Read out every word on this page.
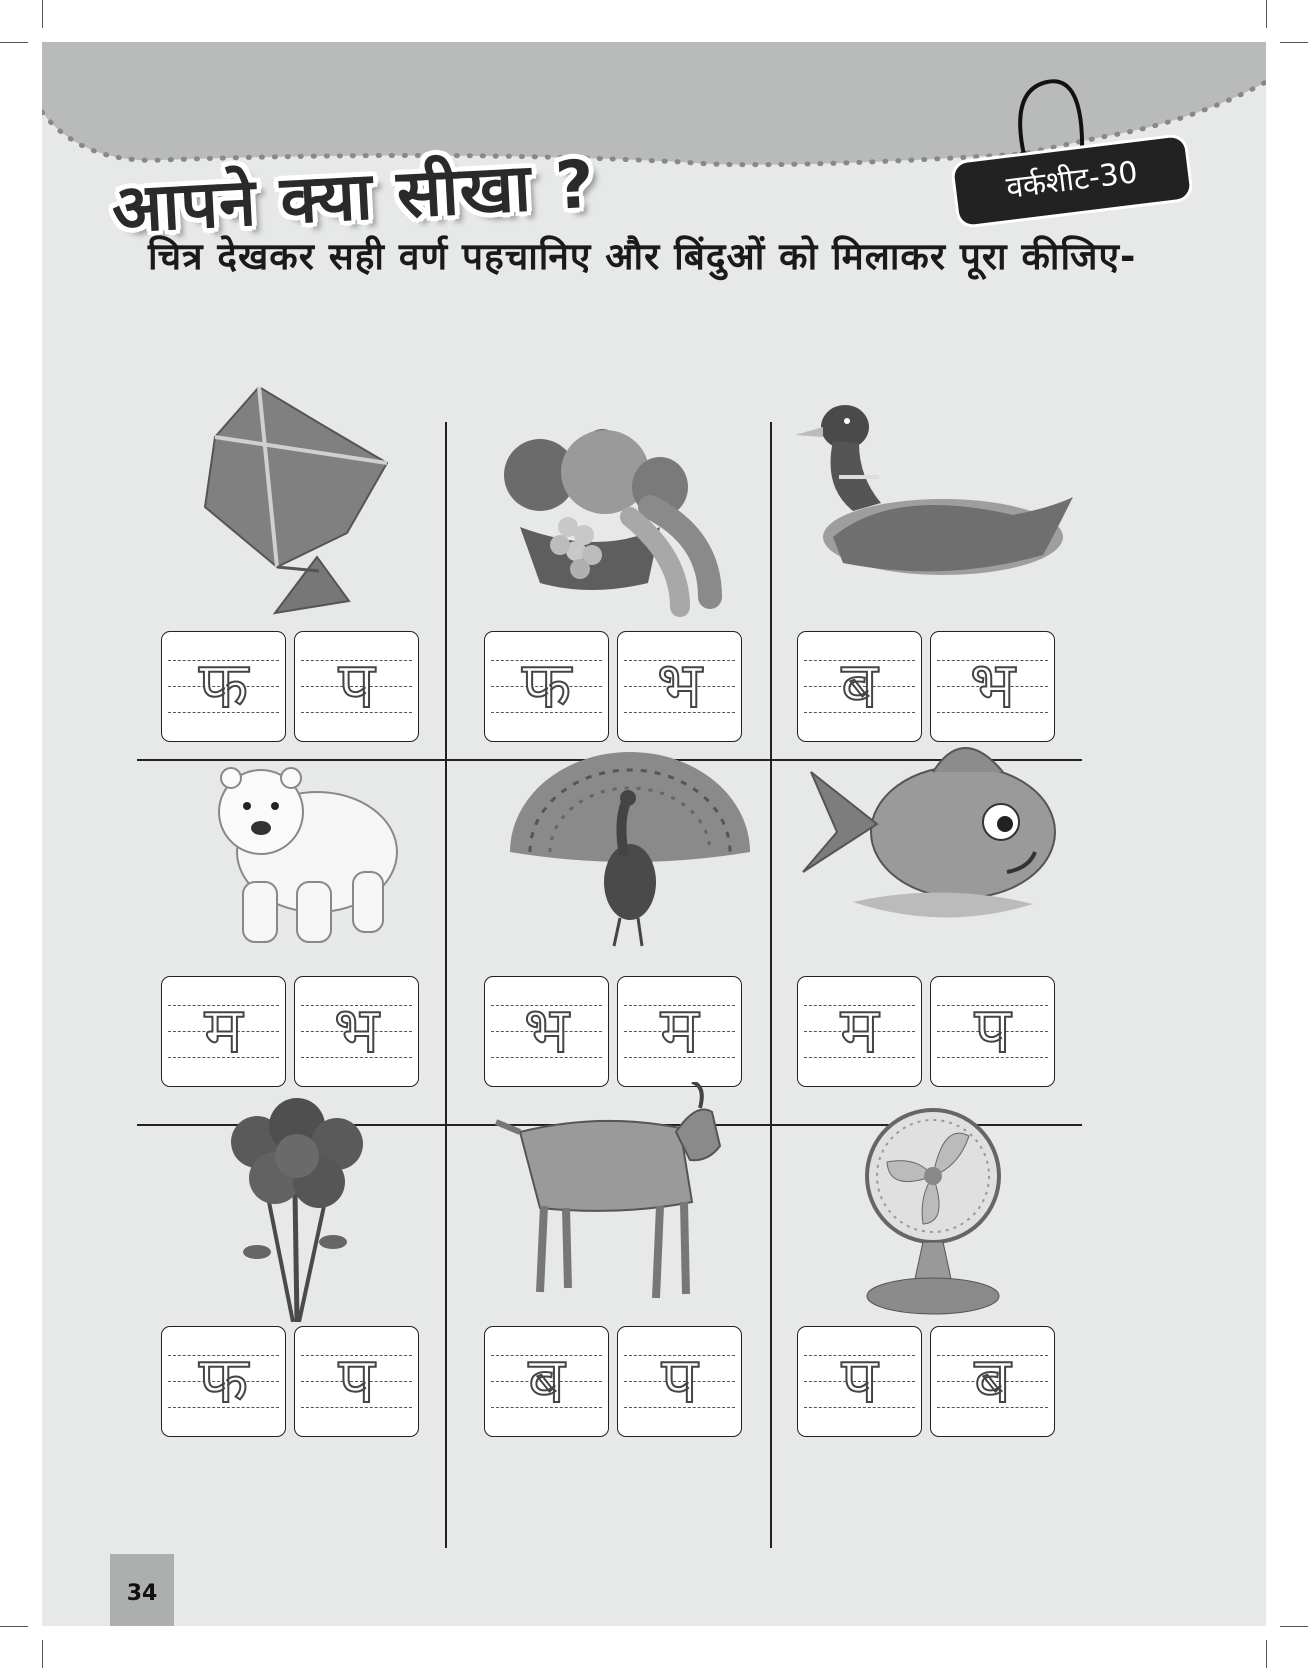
आपने क्या सीखा ?	वर्कशीट-30
चित्र देखकर सही वर्ण पहचानिए और बिंदुओं को मिलाकर पूरा कीजिए-
फ	प	फ	भ	ब	भ
म	भ	भ	म	म	प
फ	प	ब	प	प	ब
34
